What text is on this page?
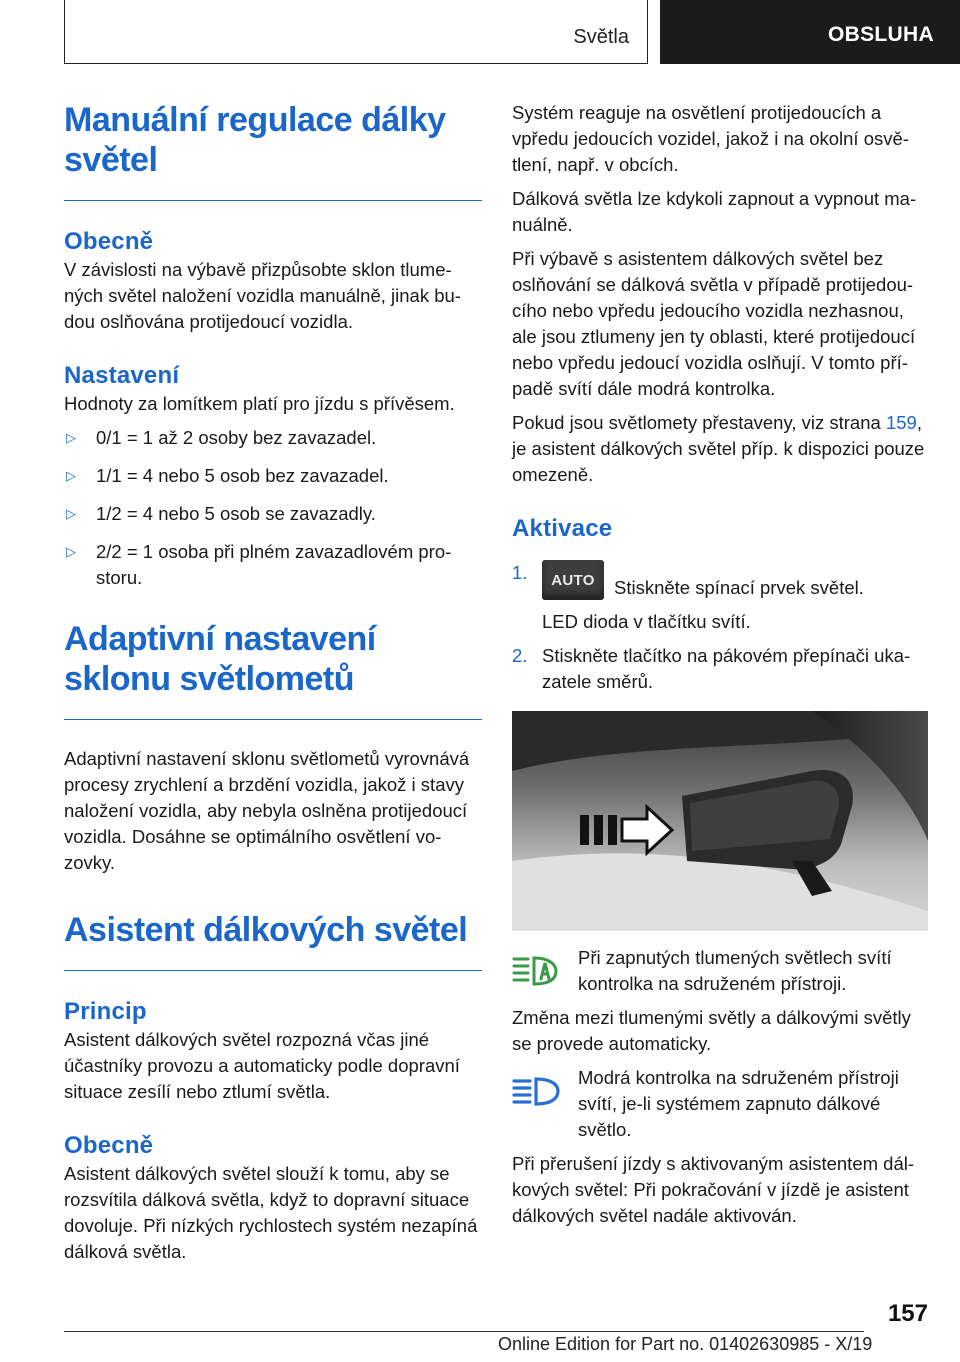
Světla	OBSLUHA
Manuální regulace dálky světel
Obecně

V závislosti na výbavě přizpůsobte sklon tlumených světel naložení vozidla manuálně, jinak budou oslňována protijedoucí vozidla.

Nastavení

Hodnoty za lomítkem platí pro jízdu s přívěsem.

▷	0/1 = 1 až 2 osoby bez zavazadel.
▷	1/1 = 4 nebo 5 osob bez zavazadel.
▷	1/2 = 4 nebo 5 osob se zavazadly.
▷	2/2 = 1 osoba při plném zavazadlovém prostoru.
Adaptivní nastavení sklonu světlometů

Adaptivní nastavení sklonu světlometů vyrovnává procesy zrychlení a brzdění vozidla, jakož i stavy naložení vozidla, aby nebyla oslněna protijedoucí vozidla. Dosáhne se optimálního osvětlení vozovky.

Asistent dálkových světel
Princip

Asistent dálkových světel rozpozná včas jiné účastníky provozu a automaticky podle dopravní situace zesílí nebo ztlumí světla.

Obecně

Asistent dálkových světel slouží k tomu, aby se rozsvítila dálková světla, když to dopravní situace dovoluje. Při nízkých rychlostech systém nezapíná dálková světla.

Systém reaguje na osvětlení protijedoucích a vpředu jedoucích vozidel, jakož i na okolní osvětlení, např. v obcích.

Dálková světla lze kdykoli zapnout a vypnout manuálně.

Při výbavě s asistentem dálkových světel bez oslňování se dálková světla v případě protijedoucího nebo vpředu jedoucího vozidla nezhasnou, ale jsou ztlumeny jen ty oblasti, které protijedoucí nebo vpředu jedoucí vozidla oslňují. V tomto případě svítí dále modrá kontrolka.

Pokud jsou světlomety přestaveny, viz strana 159, je asistent dálkových světel příp. k dispozici pouze omezeně.

Aktivace
1.	AUTO	Stiskněte spínací prvek světel.
LED dioda v tlačítku svítí.
2. Stiskněte tlačítko na pákovém přepínači ukazatele směrů.
Při zapnutých tlumených světlech svítí kontrolka na sdruženém přístroji.

Změna mezi tlumenými světly a dálkovými světly se provede automaticky.

Modrá kontrolka na sdruženém přístroji svítí, je-li systémem zapnuto dálkové světlo.

Při přerušení jízdy s aktivovaným asistentem dálkových světel: Při pokračování v jízdě je asistent dálkových světel nadále aktivován.

157
Online Edition for Part no. 01402630985 - X/19
